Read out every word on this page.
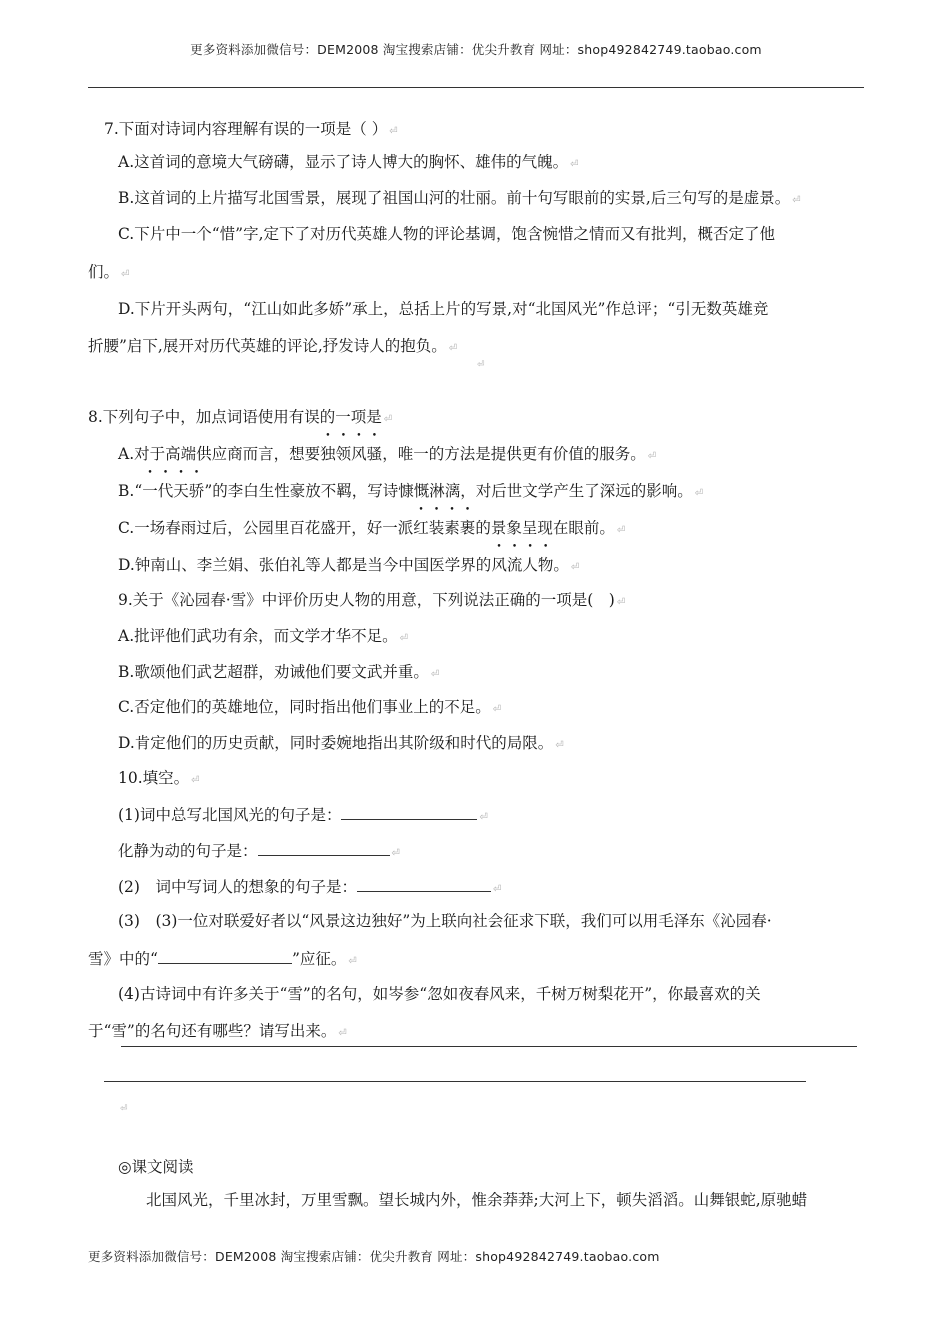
更多资料添加微信号：DEM2008 淘宝搜索店铺：优尖升教育 网址：shop492842749.taobao.com
7.下面对诗词内容理解有误的一项是（ ） ⏎
A.这首词的意境大气磅礴，显示了诗人博大的胸怀、雄伟的气魄。 ⏎
B.这首词的上片描写北国雪景，展现了祖国山河的壮丽。前十句写眼前的实景,后三句写的是虚景。 ⏎
C.下片中一个“惜”字,定下了对历代英雄人物的评论基调，饱含惋惜之情而又有批判，概否定了他
们。 ⏎
D.下片开头两句，“江山如此多娇”承上，总括上片的写景,对“北国风光”作总评；“引无数英雄竞
折腰”启下,展开对历代英雄的评论,抒发诗人的抱负。 ⏎
⏎
8.下列句子中，加点词语使用有误的一项是 ⏎
A.对于高端供应商而言，想要独领风骚，唯一的方法是提供更有价值的服务。 ⏎
B.“一代天骄”的李白生性豪放不羁，写诗慷慨淋漓，对后世文学产生了深远的影响。 ⏎
C.一场春雨过后，公园里百花盛开，好一派红装素裹的景象呈现在眼前。 ⏎
D.钟南山、李兰娟、张伯礼等人都是当今中国医学界的风流人物。 ⏎
9.关于《沁园春·雪》中评价历史人物的用意，下列说法正确的一项是(　) ⏎
A.批评他们武功有余，而文学才华不足。 ⏎
B.歌颂他们武艺超群，劝诫他们要文武并重。 ⏎
C.否定他们的英雄地位，同时指出他们事业上的不足。 ⏎
D.肯定他们的历史贡献，同时委婉地指出其阶级和时代的局限。 ⏎
10.填空。 ⏎
(1)词中总写北国风光的句子是：	⏎
化静为动的句子是：	⏎
(2)　词中写词人的想象的句子是：	⏎
(3)　(3)一位对联爱好者以“风景这边独好”为上联向社会征求下联，我们可以用毛泽东《沁园春·
雪》中的“	”应征。 ⏎
(4)古诗词中有许多关于“雪”的名句，如岑参“忽如夜春风来，千树万树梨花开”，你最喜欢的关
于“雪”的名句还有哪些？请写出来。 ⏎
⏎
◎课文阅读
北国风光，千里冰封，万里雪飘。望长城内外，惟余莽莽;大河上下，顿失滔滔。山舞银蛇,原驰蜡
更多资料添加微信号：DEM2008 淘宝搜索店铺：优尖升教育 网址：shop492842749.taobao.com
